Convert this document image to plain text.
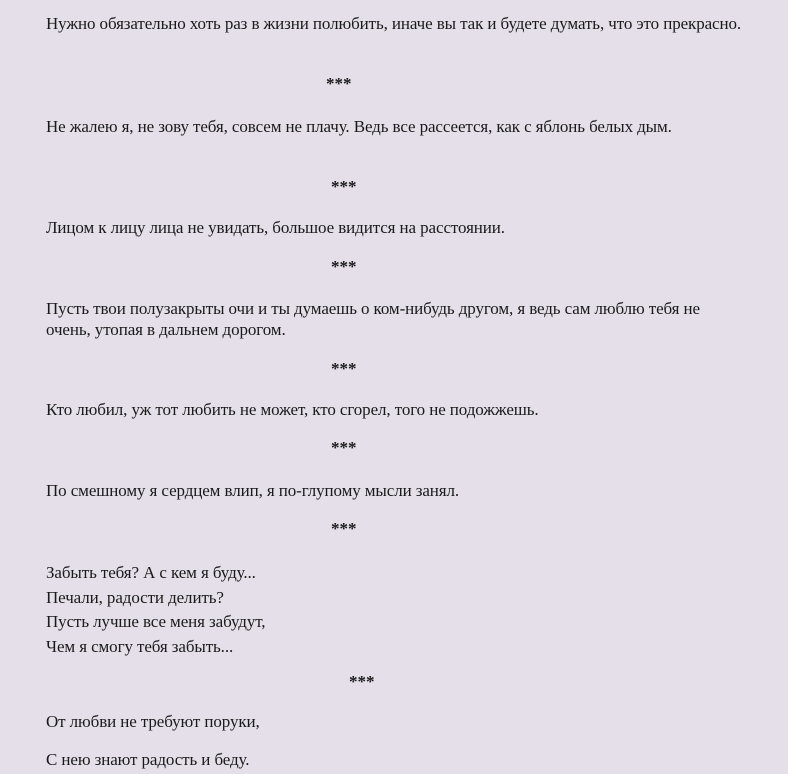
Нужно обязательно хоть раз в жизни полюбить, иначе вы так и будете думать, что это прекрасно.

***

Не жалею я, не зову тебя, совсем не плачу. Ведь все рассеется, как с яблонь белых дым.

***

Лицом к лицу лица не увидать, большое видится на расстоянии.

***

Пусть твои полузакрыты очи и ты думаешь о ком-нибудь другом, я ведь сам люблю тебя не очень, утопая в дальнем дорогом.

***

Кто любил, уж тот любить не может, кто сгорел, того не подожжешь.

***

По смешному я сердцем влип, я по-глупому мысли занял.

***

Забыть тебя? А с кем я буду...
Печали, радости делить?
Пусть лучше все меня забудут,
Чем я смогу тебя забыть...

***

От любви не требуют поруки,

С нею знают радость и беду.
